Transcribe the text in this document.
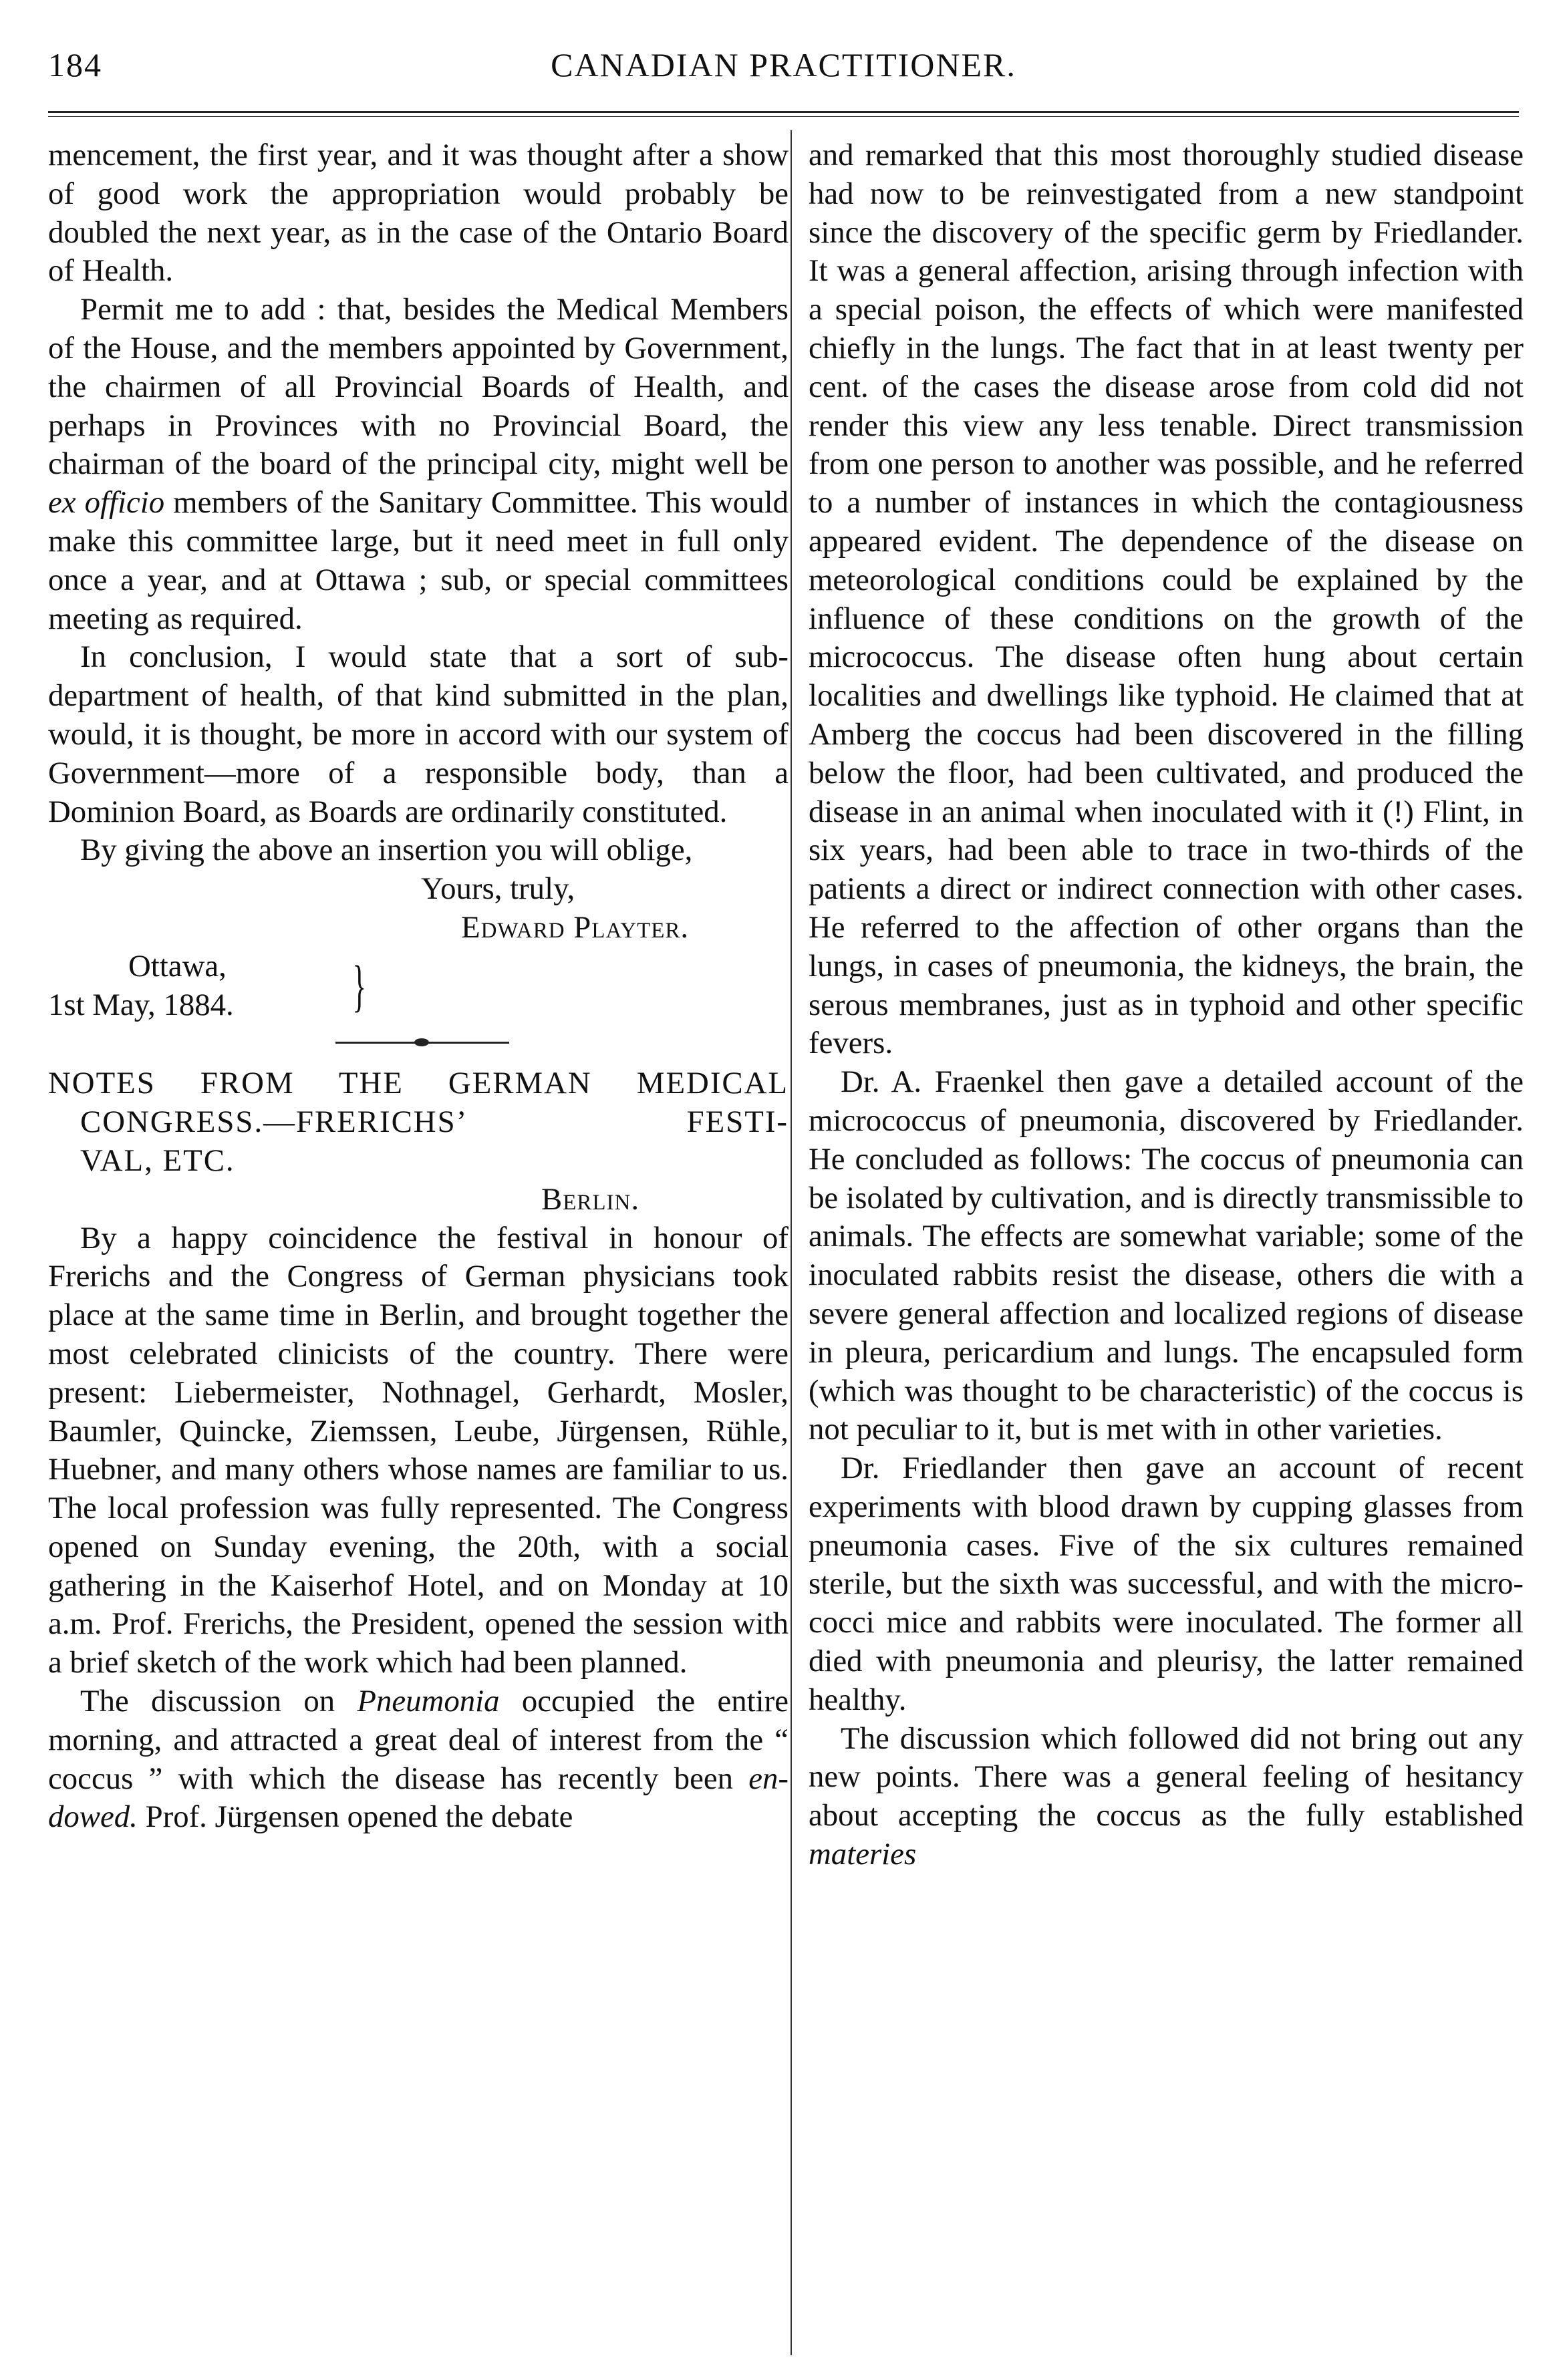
184	CANADIAN PRACTITIONER.

mencement, the first year, and it was thought after a show of good work the appropriation would probably be doubled the next year, as in the case of the Ontario Board of Health.

Permit me to add : that, besides the Medical Members of the House, and the members appointed by Government, the chairmen of all Provincial Boards of Health, and perhaps in Provinces with no Provincial Board, the chairman of the board of the principal city, might well be ex officio members of the Sanitary Committee. This would make this committee large, but it need meet in full only once a year, and at Ottawa ; sub, or special committees meeting as required.

In conclusion, I would state that a sort of sub-department of health, of that kind submitted in the plan, would, it is thought, be more in accord with our system of Government—more of a responsible body, than a Dominion Board, as Boards are ordinarily constituted.

By giving the above an insertion you will oblige,

Yours, truly,

Edward Playter.

Ottawa,
1st May, 1884.	}
NOTES FROM THE GERMAN MEDICAL
CONGRESS.—FRERICHS’ FESTI-
VAL, ETC.

Berlin.

By a happy coincidence the festival in honour of Frerichs and the Congress of German physicians took place at the same time in Berlin, and brought together the most celebrated clinicists of the country. There were present: Liebermeister, Nothnagel, Gerhardt, Mosler, Baumler, Quincke, Ziemssen, Leube, Jürgensen, Rühle, Huebner, and many others whose names are familiar to us. The local profession was fully represented. The Congress opened on Sunday evening, the 20th, with a social gathering in the Kaiserhof Hotel, and on Monday at 10 a.m. Prof. Frerichs, the President, opened the session with a brief sketch of the work which had been planned.

The discussion on Pneumonia occupied the entire morning, and attracted a great deal of interest from the “ coccus ” with which the disease has recently been endowed. Prof. Jürgensen opened the debate

and remarked that this most thoroughly studied disease had now to be reinvestigated from a new standpoint since the discovery of the specific germ by Friedlander. It was a general affection, arising through infection with a special poison, the effects of which were manifested chiefly in the lungs. The fact that in at least twenty per cent. of the cases the disease arose from cold did not render this view any less tenable. Direct transmission from one person to another was possible, and he referred to a number of instances in which the contagiousness appeared evident. The dependence of the disease on meteorological conditions could be explained by the influence of these conditions on the growth of the micrococcus. The disease often hung about certain localities and dwellings like typhoid. He claimed that at Amberg the coccus had been discovered in the filling below the floor, had been cultivated, and produced the disease in an animal when inoculated with it (!) Flint, in six years, had been able to trace in two-thirds of the patients a direct or indirect connection with other cases. He referred to the affection of other organs than the lungs, in cases of pneumonia, the kidneys, the brain, the serous membranes, just as in typhoid and other specific fevers.

Dr. A. Fraenkel then gave a detailed account of the micrococcus of pneumonia, discovered by Friedlander. He concluded as follows: The coccus of pneumonia can be isolated by cultivation, and is directly transmissible to animals. The effects are somewhat variable; some of the inoculated rabbits resist the disease, others die with a severe general affection and localized regions of disease in pleura, pericardium and lungs. The encapsuled form (which was thought to be characteristic) of the coccus is not peculiar to it, but is met with in other varieties.

Dr. Friedlander then gave an account of recent experiments with blood drawn by cupping glasses from pneumonia cases. Five of the six cultures remained sterile, but the sixth was successful, and with the micrococci mice and rabbits were inoculated. The former all died with pneumonia and pleurisy, the latter remained healthy.

The discussion which followed did not bring out any new points. There was a general feeling of hesitancy about accepting the coccus as the fully established materies
